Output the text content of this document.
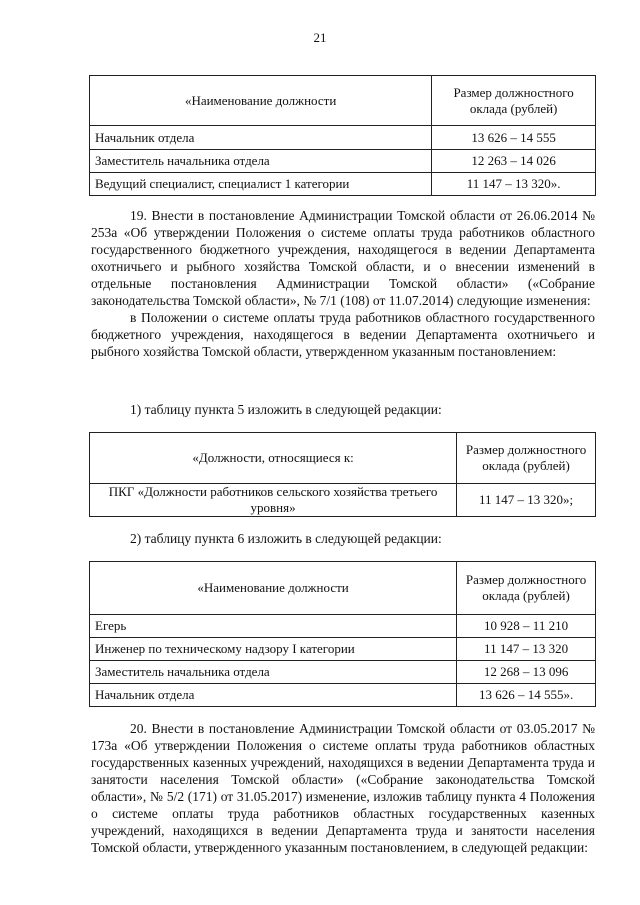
21
«Наименование должности	Размер должностного оклада (рублей)
Начальник отдела	13 626 – 14 555
Заместитель начальника отдела	12 263 – 14 026
Ведущий специалист, специалист 1 категории	11 147 – 13 320».

19. Внести в постановление Администрации Томской области от 26.06.2014 № 253а «Об утверждении Положения о системе оплаты труда работников областного государственного бюджетного учреждения, находящегося в ведении Департамента охотничьего и рыбного хозяйства Томской области, и о внесении изменений в отдельные постановления Администрации Томской области» («Собрание законодательства Томской области», № 7/1 (108) от 11.07.2014) следующие изменения:

в Положении о системе оплаты труда работников областного государственного бюджетного учреждения, находящегося в ведении Департамента охотничьего и рыбного хозяйства Томской области, утвержденном указанным постановлением:

1) таблицу пункта 5 изложить в следующей редакции:
«Должности, относящиеся к:	Размер должностного оклада (рублей)
ПКГ «Должности работников сельского хозяйства третьего уровня»	11 147 – 13 320»;
2) таблицу пункта 6 изложить в следующей редакции:
«Наименование должности	Размер должностного оклада (рублей)
Егерь	10 928 – 11 210
Инженер по техническому надзору I категории	11 147 – 13 320
Заместитель начальника отдела	12 268 – 13 096
Начальник отдела	13 626 – 14 555».

20. Внести в постановление Администрации Томской области от 03.05.2017 № 173а «Об утверждении Положения о системе оплаты труда работников областных государственных казенных учреждений, находящихся в ведении Департамента труда и занятости населения Томской области» («Собрание законодательства Томской области», № 5/2 (171) от 31.05.2017) изменение, изложив таблицу пункта 4 Положения о системе оплаты труда работников областных государственных казенных учреждений, находящихся в ведении Департамента труда и занятости населения Томской области, утвержденного указанным постановлением, в следующей редакции:
